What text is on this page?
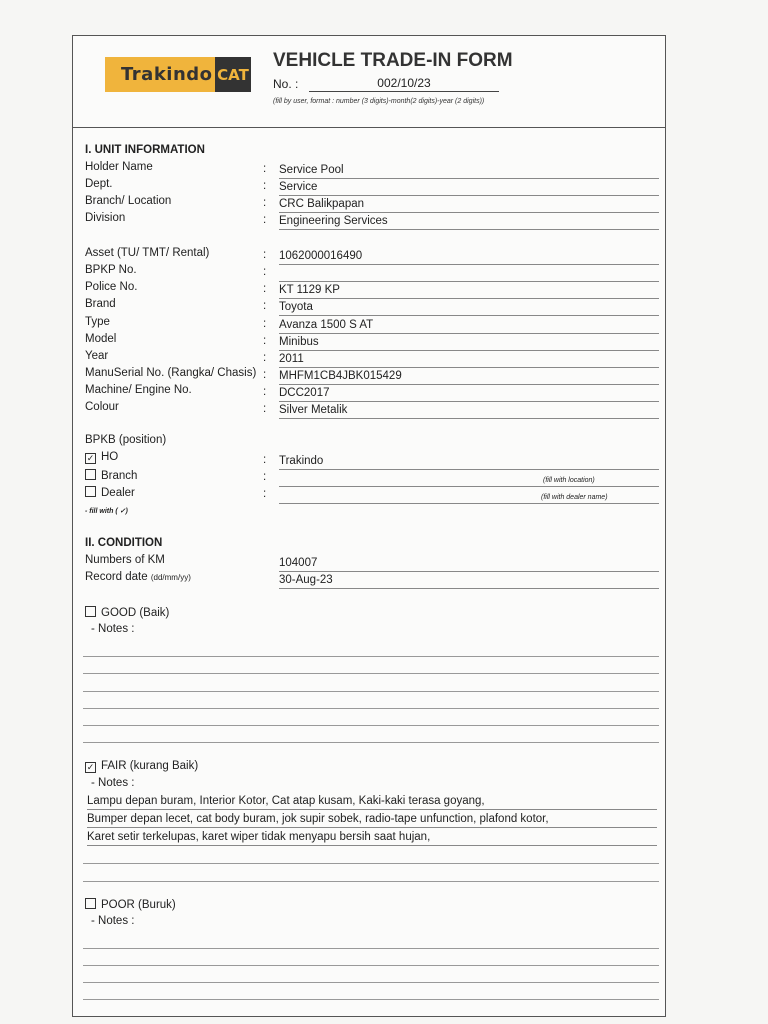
Trakindo CAT
VEHICLE TRADE-IN FORM
No. :	002/10/23
(fill by user, format : number (3 digits)-month(2 digits)-year (2 digits))
I. UNIT INFORMATION
Holder Name	: Service Pool
Dept.	: Service
Branch/ Location	: CRC Balikpapan
Division	: Engineering Services
Asset (TU/ TMT/ Rental)	: 1062000016490
BPKP No.	:
Police No.	: KT 1129 KP
Brand	: Toyota
Type	: Avanza 1500 S AT
Model	: Minibus
Year	: 2011
ManuSerial No. (Rangka/ Chasis) : MHFM1CB4JBK015429
Machine/ Engine No.	: DCC2017
Colour	: Silver Metalik
BPKB (position)
✓ HO	: Trakindo
Branch	:	(fill with location)
Dealer	:	(fill with dealer name)
- fill with ( ✓)
II. CONDITION
Numbers of KM	104007
Record date (dd/mm/yy)	30-Aug-23
GOOD (Baik)
- Notes :
✓ FAIR (kurang Baik)
- Notes :
Lampu depan buram, Interior Kotor, Cat atap kusam, Kaki-kaki terasa goyang,
Bumper depan lecet, cat body buram, jok supir sobek, radio-tape unfunction, plafond kotor,
Karet setir terkelupas, karet wiper tidak menyapu bersih saat hujan,
POOR (Buruk)
- Notes :
